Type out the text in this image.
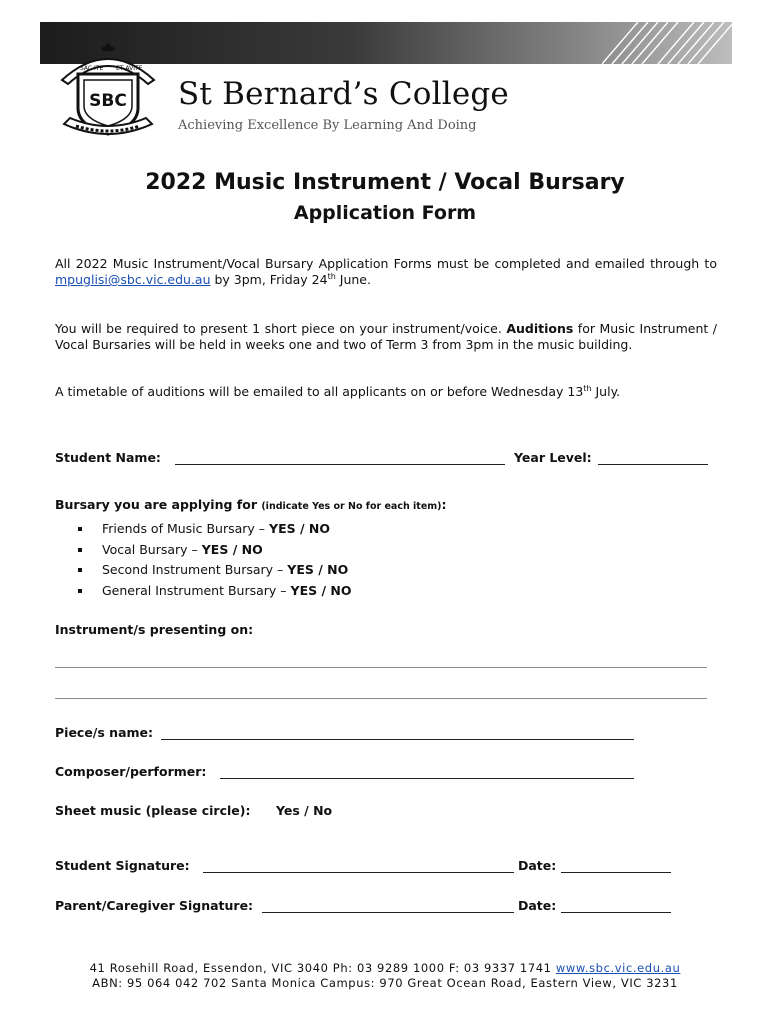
SAC ITE ET AVITE
SBC St Bernard’s College
Achieving Excellence By Learning And Doing
2022 Music Instrument / Vocal Bursary
Application Form
All 2022 Music Instrument/Vocal Bursary Application Forms must be completed and emailed through to mpuglisi@sbc.vic.edu.au by 3pm, Friday 24th June.
You will be required to present 1 short piece on your instrument/voice. Auditions for Music Instrument / Vocal Bursaries will be held in weeks one and two of Term 3 from 3pm in the music building.
A timetable of auditions will be emailed to all applicants on or before Wednesday 13th July.
Student Name:	Year Level:
Bursary you are applying for (indicate Yes or No for each item):
Friends of Music Bursary – YES / NO
Vocal Bursary – YES / NO
Second Instrument Bursary – YES / NO
General Instrument Bursary – YES / NO
Instrument/s presenting on:
Piece/s name:
Composer/performer:
Sheet music (please circle): Yes / No
Student Signature:	Date:
Parent/Caregiver Signature:	Date:
41 Rosehill Road, Essendon, VIC 3040 Ph: 03 9289 1000 F: 03 9337 1741 www.sbc.vic.edu.au
ABN: 95 064 042 702 Santa Monica Campus: 970 Great Ocean Road, Eastern View, VIC 3231
